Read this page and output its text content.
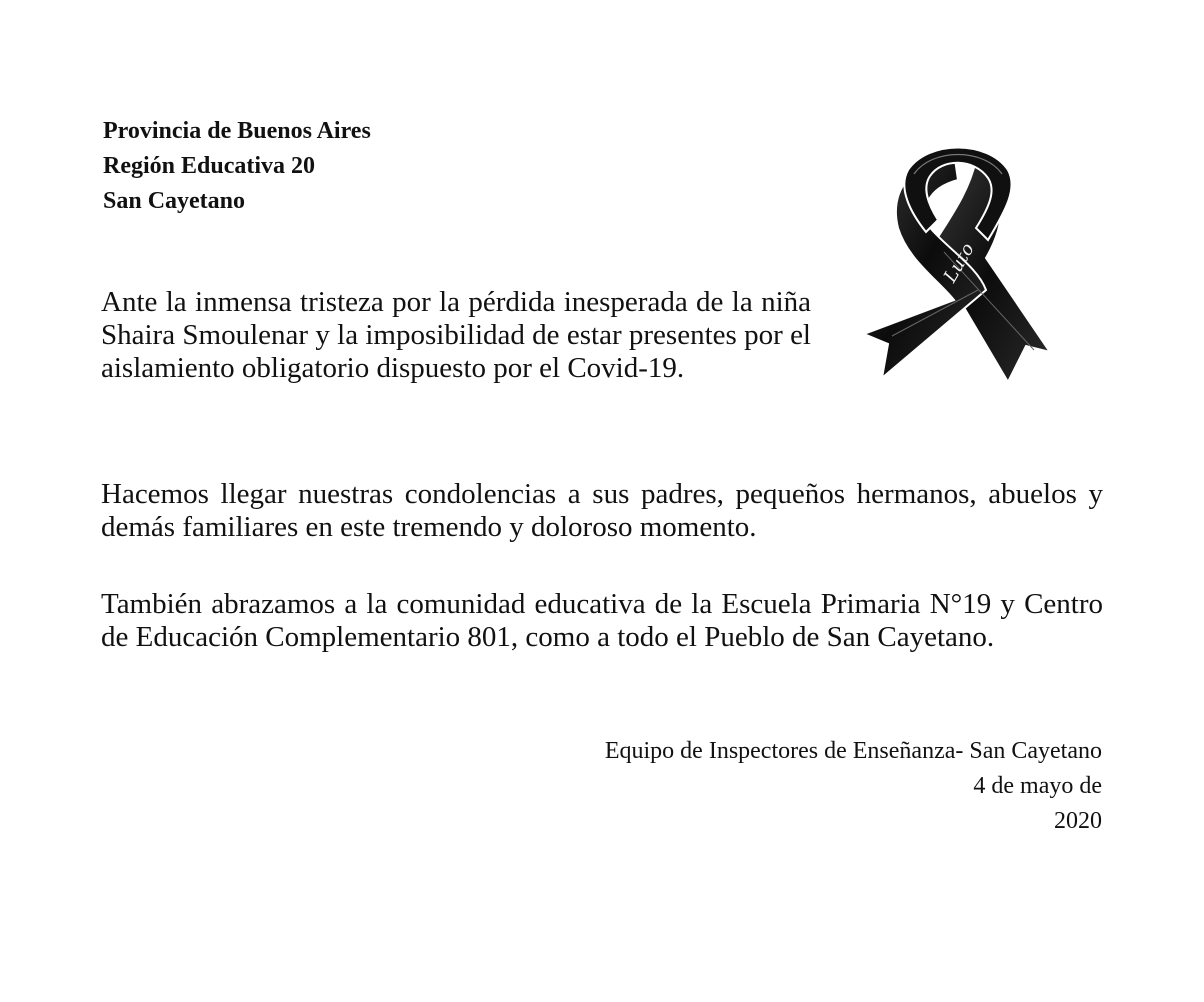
Provincia de Buenos Aires
Región Educativa 20
San Cayetano
Luto
Ante la inmensa tristeza por la pérdida inesperada de la niña Shaira Smoulenar y la imposibilidad de estar presentes por el aislamiento obligatorio dispuesto por el Covid-19.
Hacemos llegar nuestras condolencias a sus padres, pequeños hermanos, abuelos y demás familiares en este tremendo y doloroso momento.
También abrazamos a la comunidad educativa de la Escuela Primaria N°19 y Centro de Educación Complementario 801, como a todo el Pueblo de San Cayetano.
Equipo de Inspectores de Enseñanza- San Cayetano
4 de mayo de
2020
